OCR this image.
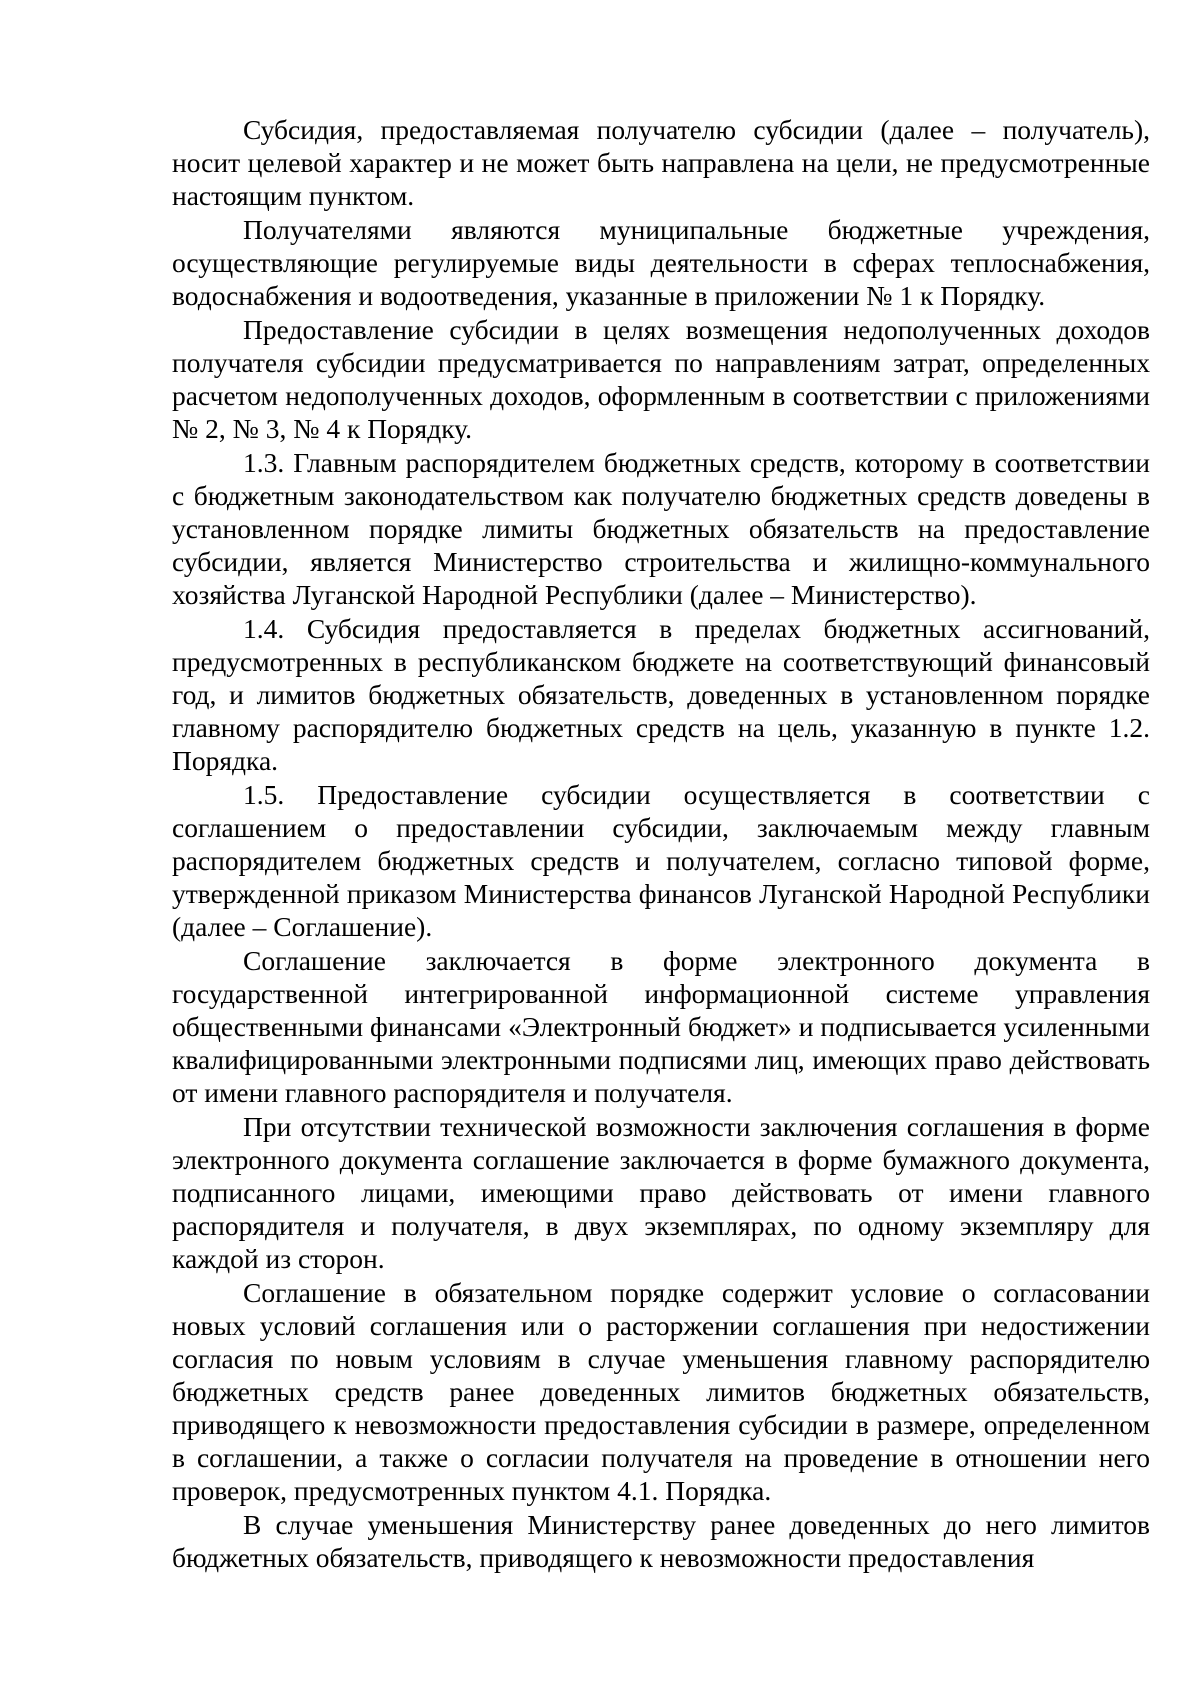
Субсидия, предоставляемая получателю субсидии (далее – получатель), носит целевой характер и не может быть направлена на цели, не предусмотренные настоящим пунктом.

Получателями являются муниципальные бюджетные учреждения, осуществляющие регулируемые виды деятельности в сферах теплоснабжения, водоснабжения и водоотведения, указанные в приложении № 1 к Порядку.

Предоставление субсидии в целях возмещения недополученных доходов получателя субсидии предусматривается по направлениям затрат, определенных расчетом недополученных доходов, оформленным в соответствии с приложениями № 2, № 3, № 4 к Порядку.

1.3. Главным распорядителем бюджетных средств, которому в соответствии с бюджетным законодательством как получателю бюджетных средств доведены в установленном порядке лимиты бюджетных обязательств на предоставление субсидии, является Министерство строительства и жилищно-коммунального хозяйства Луганской Народной Республики (далее – Министерство).

1.4. Субсидия предоставляется в пределах бюджетных ассигнований, предусмотренных в республиканском бюджете на соответствующий финансовый год, и лимитов бюджетных обязательств, доведенных в установленном порядке главному распорядителю бюджетных средств на цель, указанную в пункте 1.2. Порядка.

1.5. Предоставление субсидии осуществляется в соответствии с соглашением о предоставлении субсидии, заключаемым между главным распорядителем бюджетных средств и получателем, согласно типовой форме, утвержденной приказом Министерства финансов Луганской Народной Республики (далее – Соглашение).

Соглашение заключается в форме электронного документа в государственной интегрированной информационной системе управления общественными финансами «Электронный бюджет» и подписывается усиленными квалифицированными электронными подписями лиц, имеющих право действовать от имени главного распорядителя и получателя.

При отсутствии технической возможности заключения соглашения в форме электронного документа соглашение заключается в форме бумажного документа, подписанного лицами, имеющими право действовать от имени главного распорядителя и получателя, в двух экземплярах, по одному экземпляру для каждой из сторон.

Соглашение в обязательном порядке содержит условие о согласовании новых условий соглашения или о расторжении соглашения при недостижении согласия по новым условиям в случае уменьшения главному распорядителю бюджетных средств ранее доведенных лимитов бюджетных обязательств, приводящего к невозможности предоставления субсидии в размере, определенном в соглашении, а также о согласии получателя на проведение в отношении него проверок, предусмотренных пунктом 4.1. Порядка.

В случае уменьшения Министерству ранее доведенных до него лимитов бюджетных обязательств, приводящего к невозможности предоставления
